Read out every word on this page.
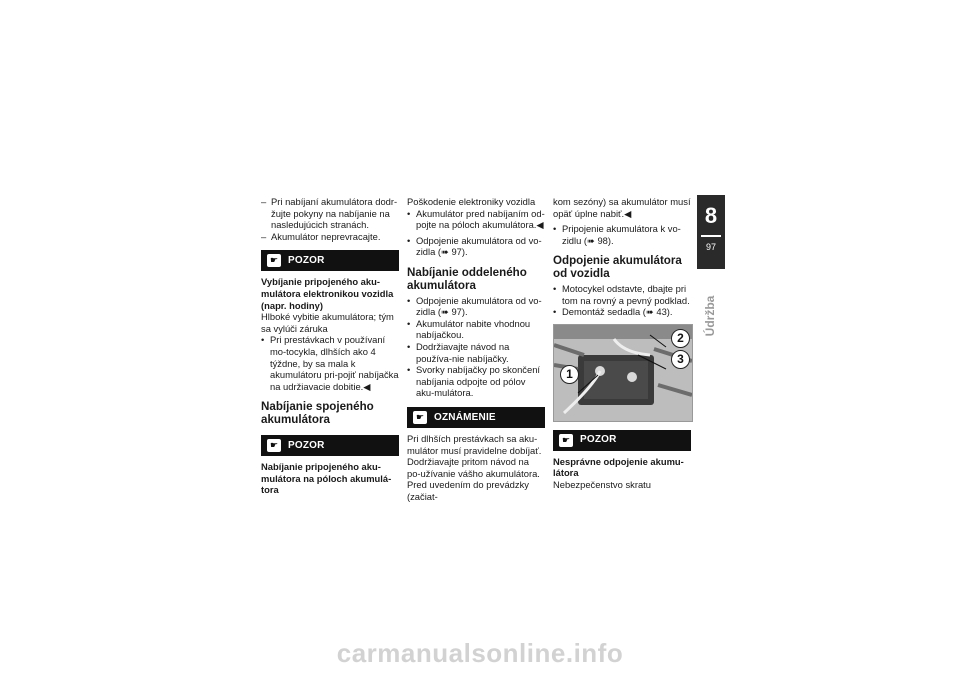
– Pri nabíjaní akumulátora dodr-žujte pokyny na nabíjanie na nasledujúcich stranách.
– Akumulátor neprevracajte.
☛ POZOR
Vybíjanie pripojeného aku-mulátora elektronikou vozidla (napr. hodiny)
Hlboké vybitie akumulátora; tým sa vylúči záruka
• Pri prestávkach v používaní mo-tocykla, dlhších ako 4 týždne, by sa mala k akumulátoru pri-pojiť nabíjačka na udržiavacie dobitie.◀
Nabíjanie spojeného akumulátora
☛ POZOR
Nabíjanie pripojeného aku-mulátora na póloch akumulá-tora
Poškodenie elektroniky vozidla
• Akumulátor pred nabíjaním od-pojte na póloch akumulátora.◀
• Odpojenie akumulátora od vo-zidla (➠ 97).
Nabíjanie oddeleného akumulátora
• Odpojenie akumulátora od vo-zidla (➠ 97).
• Akumulátor nabite vhodnou nabíjačkou.
• Dodržiavajte návod na používa-nie nabíjačky.
• Svorky nabíjačky po skončení nabíjania odpojte od pólov aku-mulátora.
☛ OZNÁMENIE
Pri dlhších prestávkach sa aku-mulátor musí pravidelne dobíjať. Dodržiavajte pritom návod na po-užívanie vášho akumulátora. Pred uvedením do prevádzky (začiat-
kom sezóny) sa akumulátor musí opäť úplne nabiť.◀
• Pripojenie akumulátora k vo-zidlu (➠ 98).
Odpojenie akumulátora od vozidla
• Motocykel odstavte, dbajte pri tom na rovný a pevný podklad.
• Demontáž sedadla (➠ 43).
2
3
1
☛ POZOR
Nesprávne odpojenie akumu-látora
Nebezpečenstvo skratu
8
97
Údržba
carmanualsonline.info
